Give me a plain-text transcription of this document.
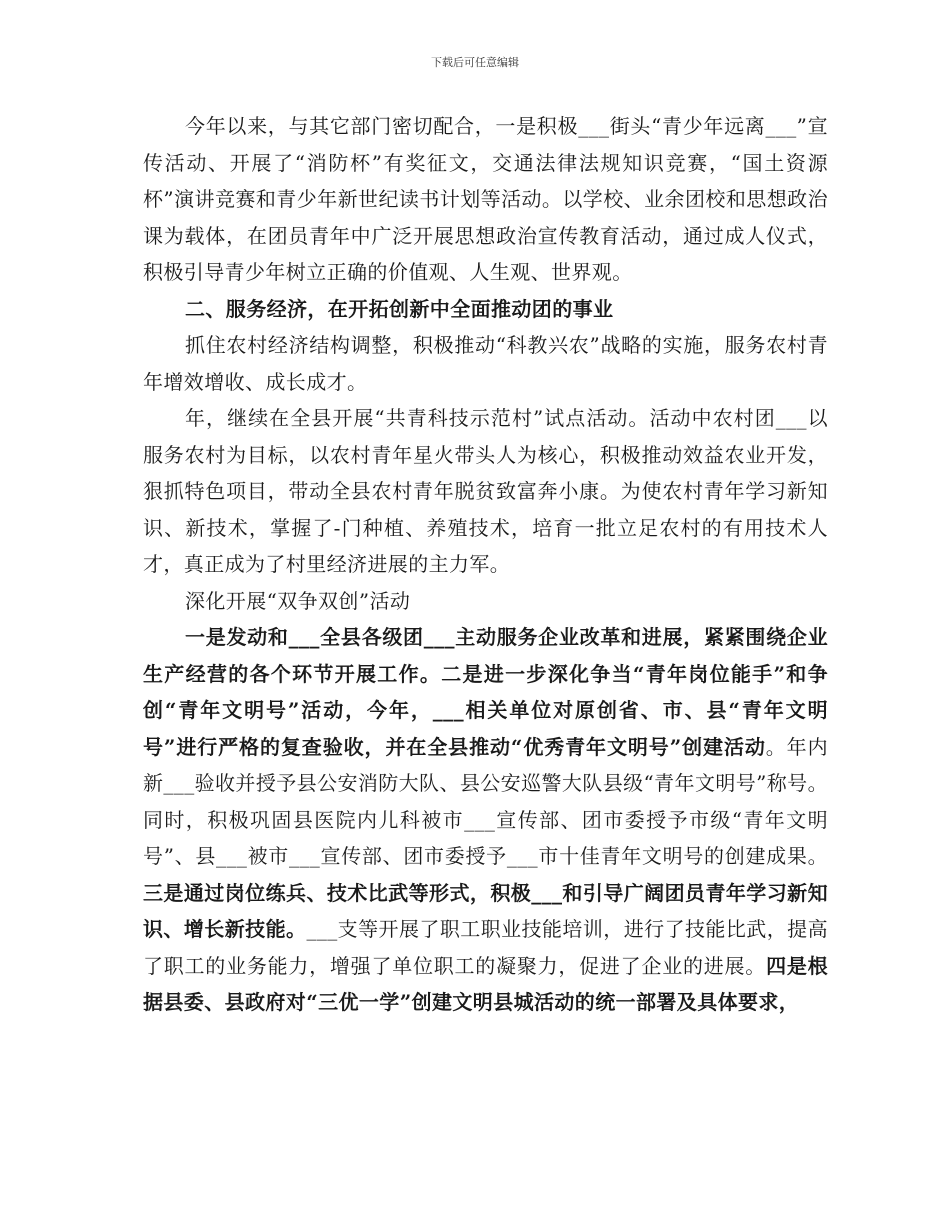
下载后可任意编辑

今年以来，与其它部门密切配合，一是积极___街头“青少年远离___”宣传活动、开展了“消防杯”有奖征文，交通法律法规知识竞赛，“国土资源杯”演讲竞赛和青少年新世纪读书计划等活动。以学校、业余团校和思想政治课为载体，在团员青年中广泛开展思想政治宣传教育活动，通过成人仪式，积极引导青少年树立正确的价值观、人生观、世界观。

二、服务经济，在开拓创新中全面推动团的事业

抓住农村经济结构调整，积极推动“科教兴农”战略的实施，服务农村青年增效增收、成长成才。

年，继续在全县开展“共青科技示范村”试点活动。活动中农村团___以服务农村为目标，以农村青年星火带头人为核心，积极推动效益农业开发，狠抓特色项目，带动全县农村青年脱贫致富奔小康。为使农村青年学习新知识、新技术，掌握了-门种植、养殖技术，培育一批立足农村的有用技术人才，真正成为了村里经济进展的主力军。

深化开展“双争双创”活动

一是发动和___全县各级团___主动服务企业改革和进展，紧紧围绕企业生产经营的各个环节开展工作。二是进一步深化争当“青年岗位能手”和争创“青年文明号”活动，今年，___相关单位对原创省、市、县“青年文明号”进行严格的复查验收，并在全县推动“优秀青年文明号”创建活动。年内新___验收并授予县公安消防大队、县公安巡警大队县级“青年文明号”称号。同时，积极巩固县医院内儿科被市___宣传部、团市委授予市级“青年文明号”、县___被市___宣传部、团市委授予___市十佳青年文明号的创建成果。三是通过岗位练兵、技术比武等形式，积极___和引导广阔团员青年学习新知识、增长新技能。___支等开展了职工职业技能培训，进行了技能比武，提高了职工的业务能力，增强了单位职工的凝聚力，促进了企业的进展。四是根据县委、县政府对“三优一学”创建文明县城活动的统一部署及具体要求，
